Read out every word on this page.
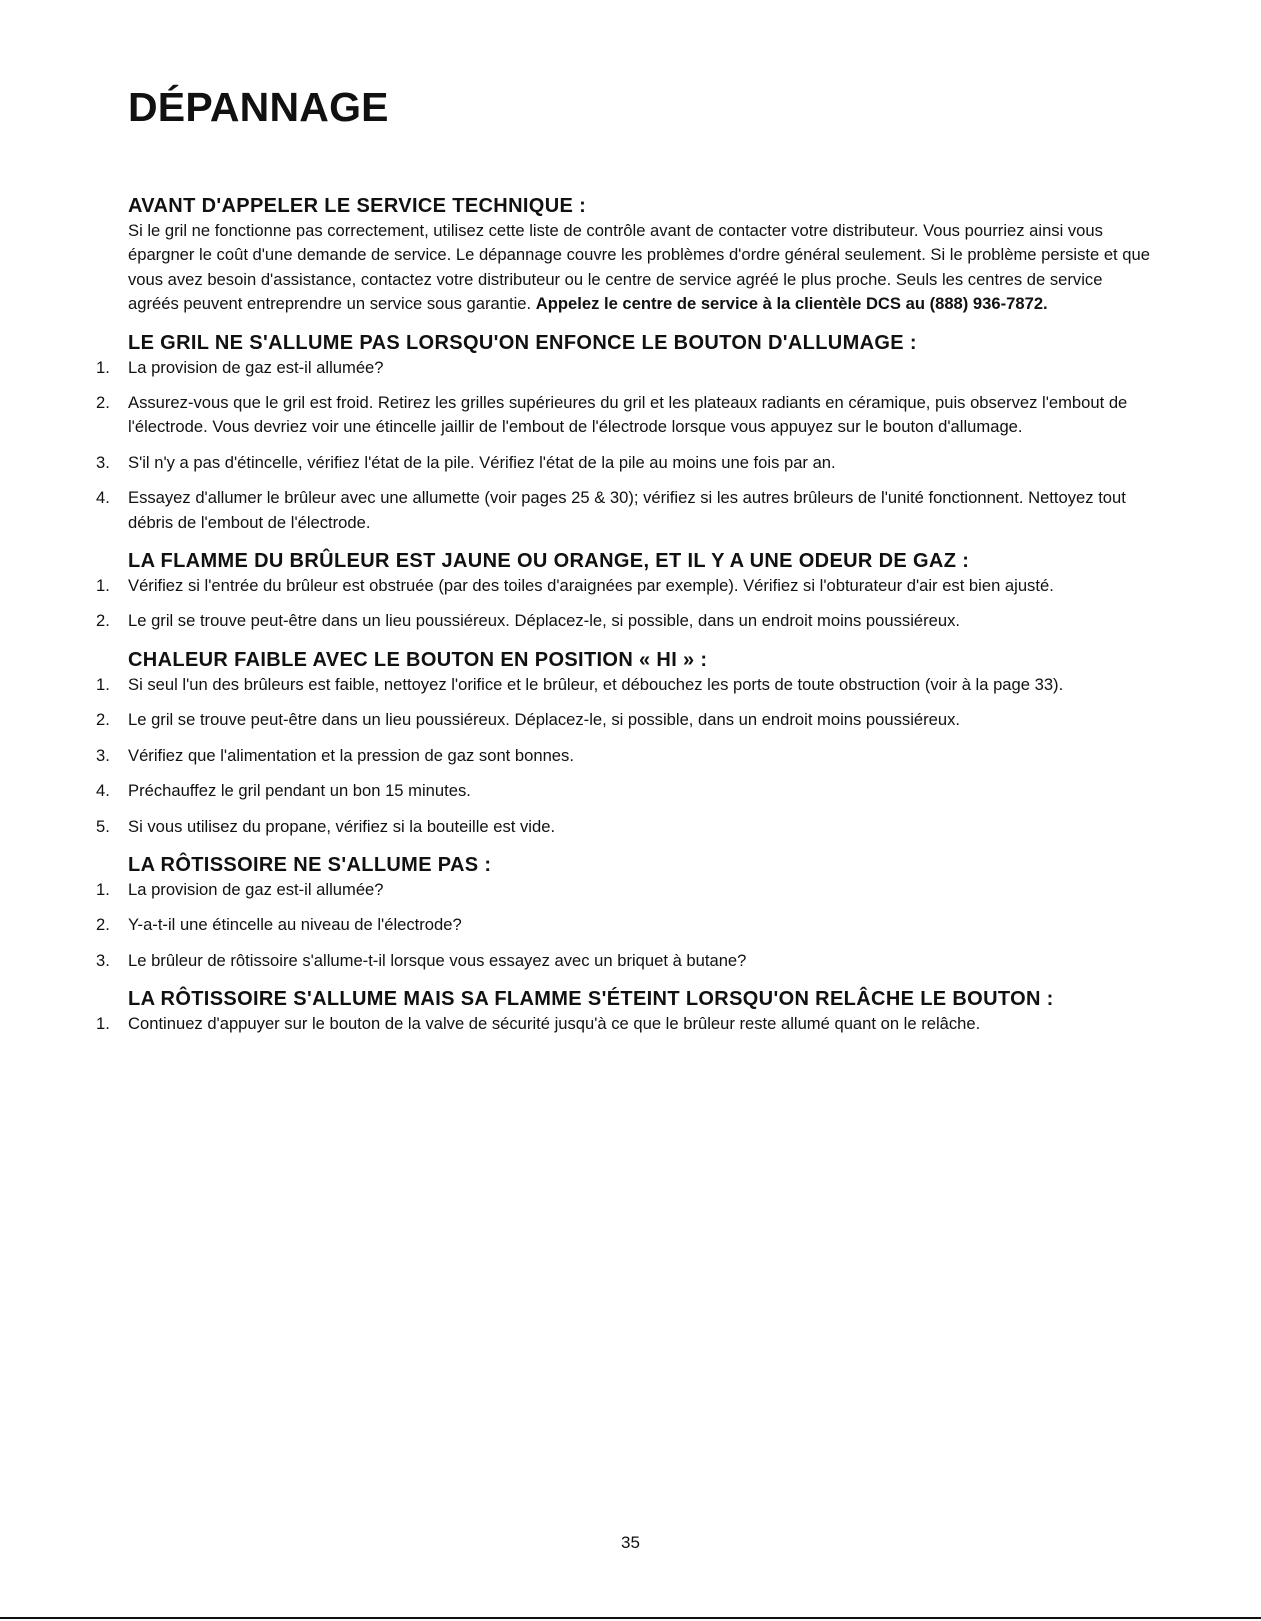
DÉPANNAGE
AVANT D'APPELER LE SERVICE TECHNIQUE :

Si le gril ne fonctionne pas correctement, utilisez cette liste de contrôle avant de contacter votre distributeur. Vous pourriez ainsi vous épargner le coût d'une demande de service. Le dépannage couvre les problèmes d'ordre général seulement. Si le problème persiste et que vous avez besoin d'assistance, contactez votre distributeur ou le centre de service agréé le plus proche. Seuls les centres de service agréés peuvent entreprendre un service sous garantie. Appelez le centre de service à la clientèle DCS au (888) 936-7872.

LE GRIL NE S'ALLUME PAS LORSQU'ON ENFONCE LE BOUTON D'ALLUMAGE :
1. La provision de gaz est-il allumée?
2. Assurez-vous que le gril est froid. Retirez les grilles supérieures du gril et les plateaux radiants en céramique, puis observez l'embout de l'électrode. Vous devriez voir une étincelle jaillir de l'embout de l'électrode lorsque vous appuyez sur le bouton d'allumage.
3. S'il n'y a pas d'étincelle, vérifiez l'état de la pile. Vérifiez l'état de la pile au moins une fois par an.
4. Essayez d'allumer le brûleur avec une allumette (voir pages 25 & 30); vérifiez si les autres brûleurs de l'unité fonctionnent. Nettoyez tout débris de l'embout de l'électrode.
LA FLAMME DU BRÛLEUR EST JAUNE OU ORANGE, ET IL Y A UNE ODEUR DE GAZ :
1. Vérifiez si l'entrée du brûleur est obstruée (par des toiles d'araignées par exemple). Vérifiez si l'obturateur d'air est bien ajusté.
2. Le gril se trouve peut-être dans un lieu poussiéreux. Déplacez-le, si possible, dans un endroit moins poussiéreux.
CHALEUR FAIBLE AVEC LE BOUTON EN POSITION « HI » :
1. Si seul l'un des brûleurs est faible, nettoyez l'orifice et le brûleur, et débouchez les ports de toute obstruction (voir à la page 33).
2. Le gril se trouve peut-être dans un lieu poussiéreux. Déplacez-le, si possible, dans un endroit moins poussiéreux.
3. Vérifiez que l'alimentation et la pression de gaz sont bonnes.
4. Préchauffez le gril pendant un bon 15 minutes.
5. Si vous utilisez du propane, vérifiez si la bouteille est vide.
LA RÔTISSOIRE NE S'ALLUME PAS :
1. La provision de gaz est-il allumée?
2. Y-a-t-il une étincelle au niveau de l'électrode?
3. Le brûleur de rôtissoire s'allume-t-il lorsque vous essayez avec un briquet à butane?
LA RÔTISSOIRE S'ALLUME MAIS SA FLAMME S'ÉTEINT LORSQU'ON RELÂCHE LE BOUTON :
1. Continuez d'appuyer sur le bouton de la valve de sécurité jusqu'à ce que le brûleur reste allumé quant on le relâche.
35
